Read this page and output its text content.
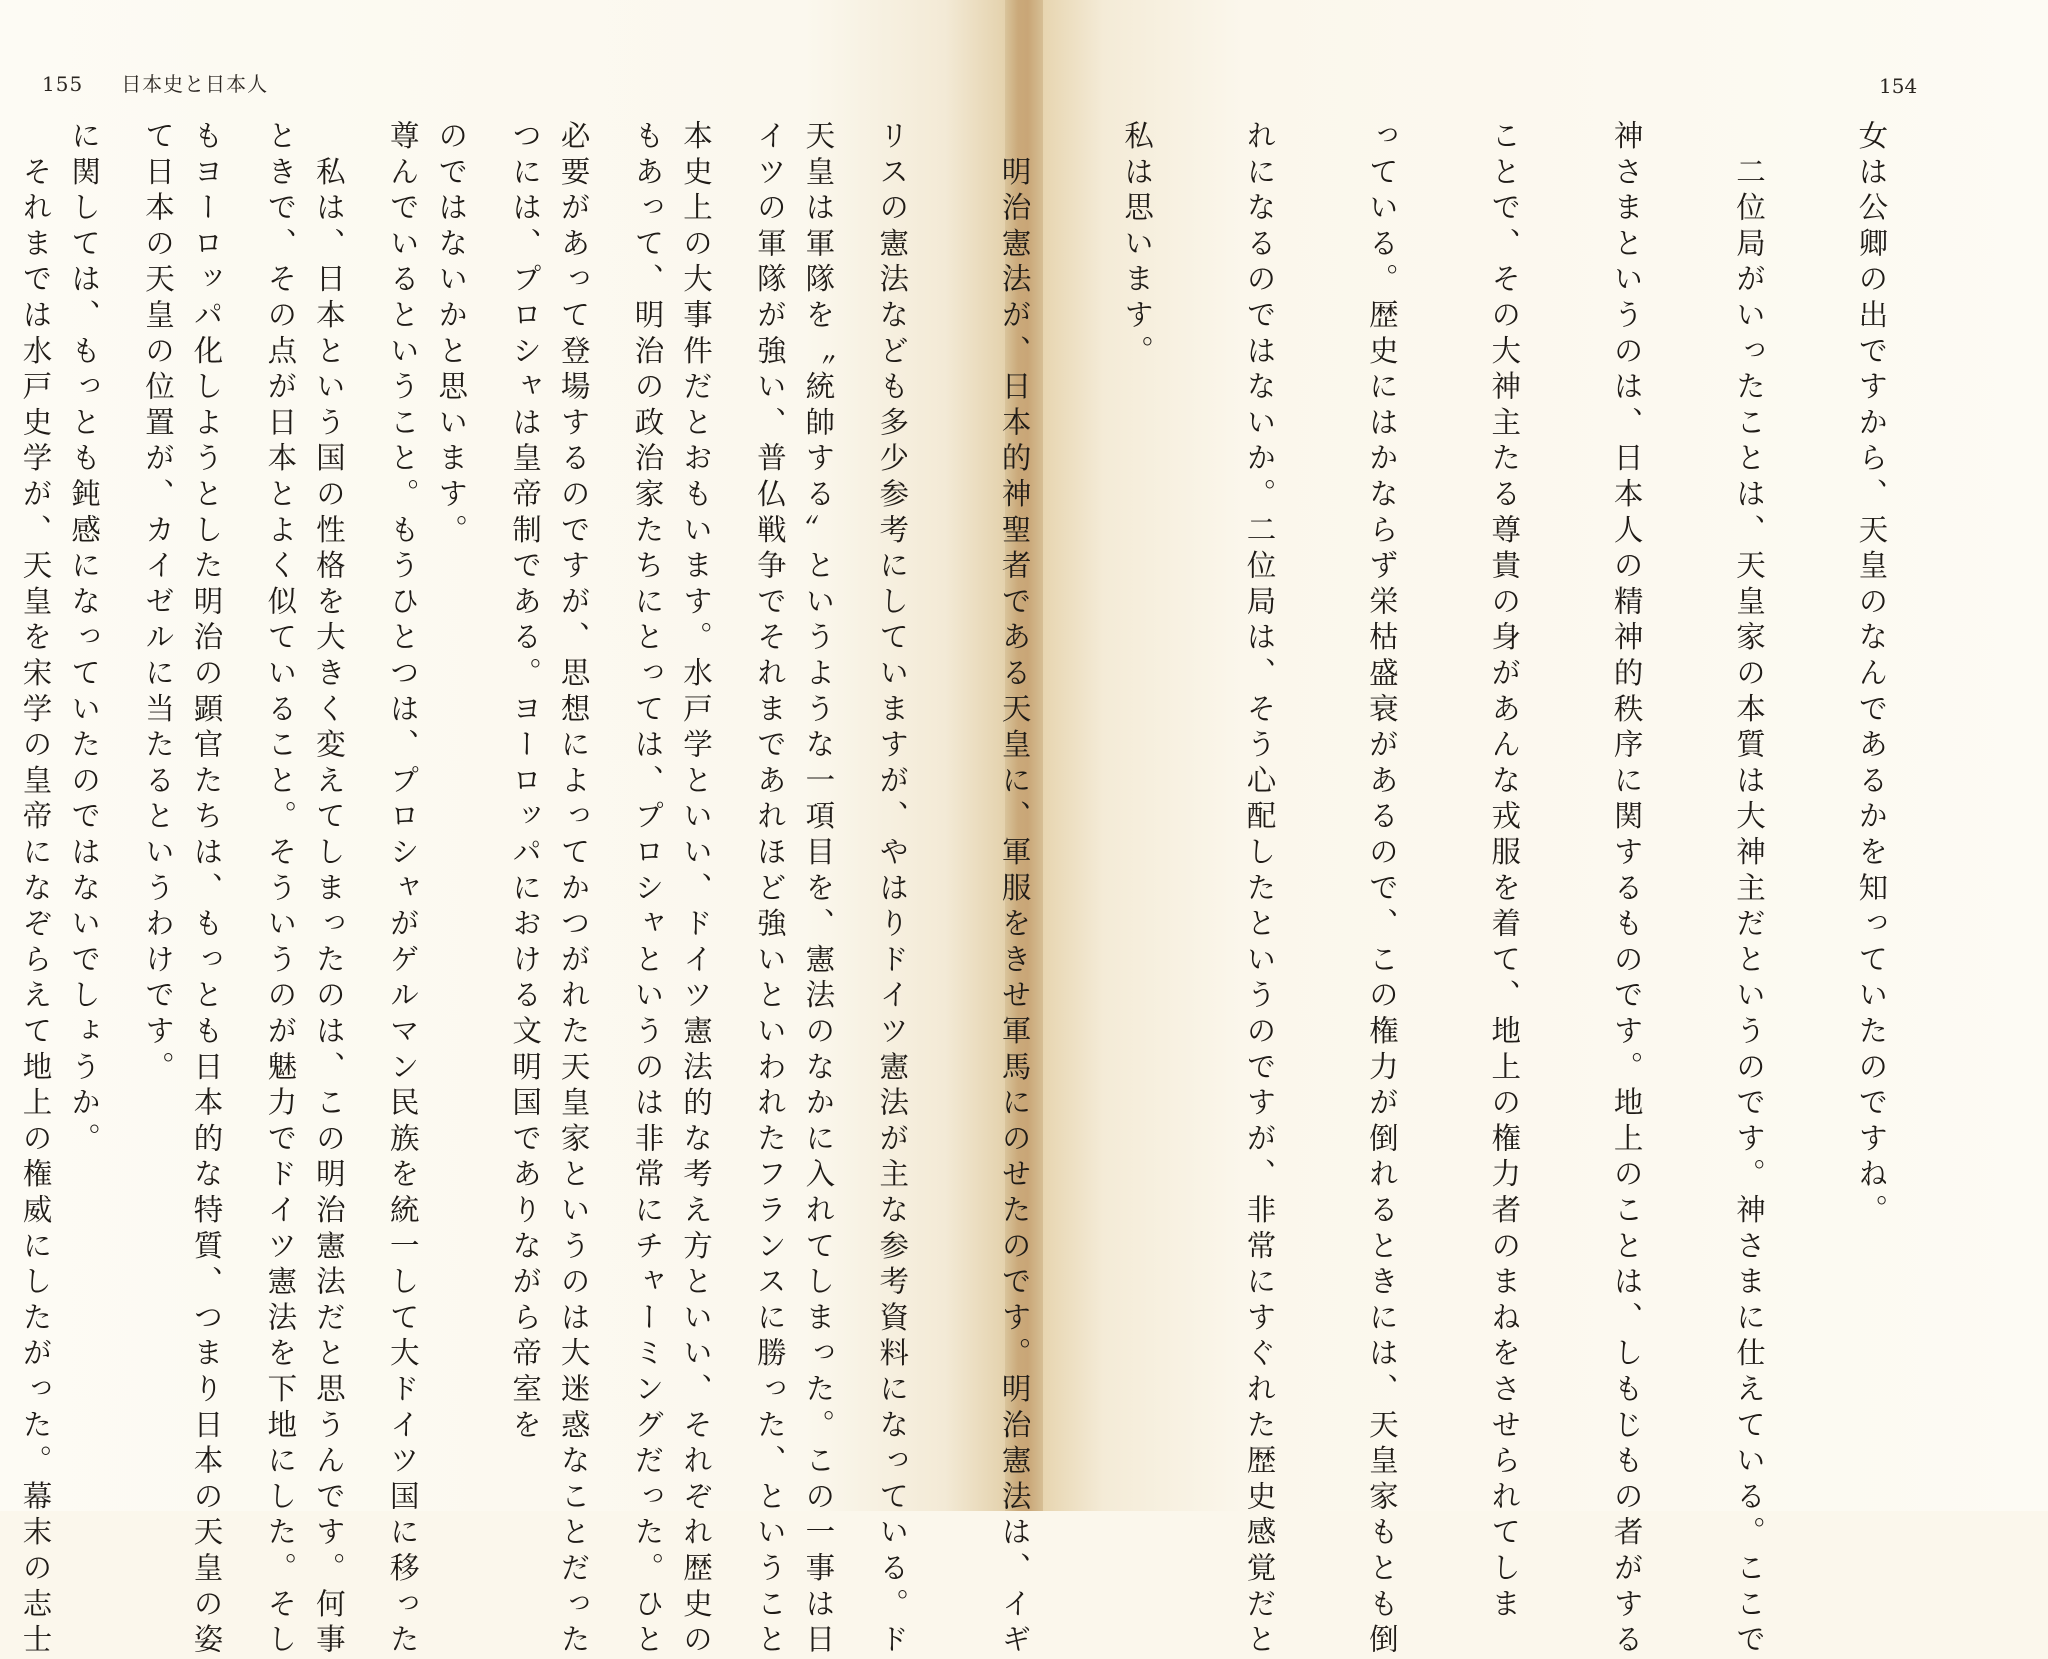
155 日本史と日本人

天皇は軍隊を〝統帥する〟というような一項目を、憲法のなかに入れてしまった。この一事は日

本史上の大事件だとおもいます。水戸学といい、ドイツ憲法的な考え方といい、それぞれ歴史の

必要があって登場するのですが、思想によってかつがれた天皇家というのは大迷惑なことだった

のではないかと思います。

　私は、日本という国の性格を大きく変えてしまったのは、この明治憲法だと思うんです。何事

もヨーロッパ化しようとした明治の顕官たちは、もっとも日本的な特質、つまり日本の天皇の姿

に関しては、もっとも鈍感になっていたのではないでしょうか。

154

女は公卿の出ですから、天皇のなんであるかを知っていたのですね。

　二位局がいったことは、天皇家の本質は大神主だというのです。神さまに仕えている。ここで

神さまというのは、日本人の精神的秩序に関するものです。地上のことは、しもじもの者がする

ことで、その大神主たる尊貴の身があんな戎服を着て、地上の権力者のまねをさせられてしま

っている。歴史にはかならず栄枯盛衰があるので、この権力が倒れるときには、天皇家もとも倒

れになるのではないか。二位局は、そう心配したというのですが、非常にすぐれた歴史感覚だと

私は思います。

　明治憲法が、日本的神聖者である天皇に、軍服をきせ軍馬にのせたのです。明治憲法は、イギ

リスの憲法なども多少参考にしていますが、やはりドイツ憲法が主な参考資料になっている。ド

イツの軍隊が強い、普仏戦争でそれまであれほど強いといわれたフランスに勝った、ということ

もあって、明治の政治家たちにとっては、プロシャというのは非常にチャーミングだった。ひと

つには、プロシャは皇帝制である。ヨーロッパにおける文明国でありながら帝室を

尊んでいるということ。もうひとつは、プロシャがゲルマン民族を統一して大ドイツ国に移った

ときで、その点が日本とよく似ていること。そういうのが魅力でドイツ憲法を下地にした。そし

て日本の天皇の位置が、カイゼルに当たるというわけです。

　それまでは水戸史学が、天皇を宋学の皇帝になぞらえて地上の権威にしたがった。幕末の志士
